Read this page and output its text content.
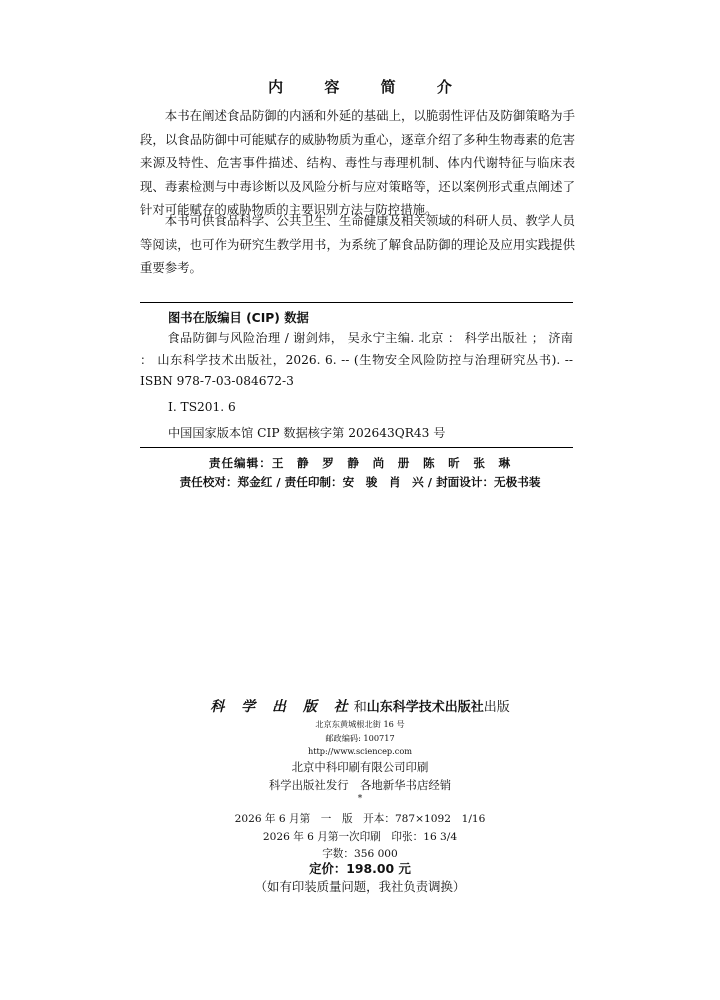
内 容 简 介

本书在阐述食品防御的内涵和外延的基础上，以脆弱性评估及防御策略为手段，以食品防御中可能赋存的威胁物质为重心，逐章介绍了多种生物毒素的危害来源及特性、危害事件描述、结构、毒性与毒理机制、体内代谢特征与临床表现、毒素检测与中毒诊断以及风险分析与应对策略等，还以案例形式重点阐述了针对可能赋存的威胁物质的主要识别方法与防控措施。

本书可供食品科学、公共卫生、生命健康及相关领域的科研人员、教学人员等阅读，也可作为研究生教学用书，为系统了解食品防御的理论及应用实践提供重要参考。

图书在版编目 (CIP) 数据
食品防御与风险治理 / 谢剑炜， 吴永宁主编. 北京 ： 科学出版社 ； 济南 ： 山东科学技术出版社，2026. 6. -- (生物安全风险防控与治理研究丛书). -- ISBN 978-7-03-084672-3
Ⅰ. TS201. 6
中国国家版本馆 CIP 数据核字第 202643QR43 号
责任编辑：王　静　罗　静　尚　册　陈　昕　张　琳
责任校对：郑金红 / 责任印制：安　骏　肖　兴 / 封面设计：无极书装
科 学 出 版 社和山东科学技术出版社出版
北京东黄城根北街 16 号
邮政编码: 100717
http://www.sciencep.com
北京中科印刷有限公司印刷
科学出版社发行　各地新华书店经销
*
2026 年 6 月第　一　版　开本：787×1092　1/16
2026 年 6 月第一次印刷　印张：16 3/4
字数：356 000
定价：198.00 元
（如有印装质量问题，我社负责调换）
